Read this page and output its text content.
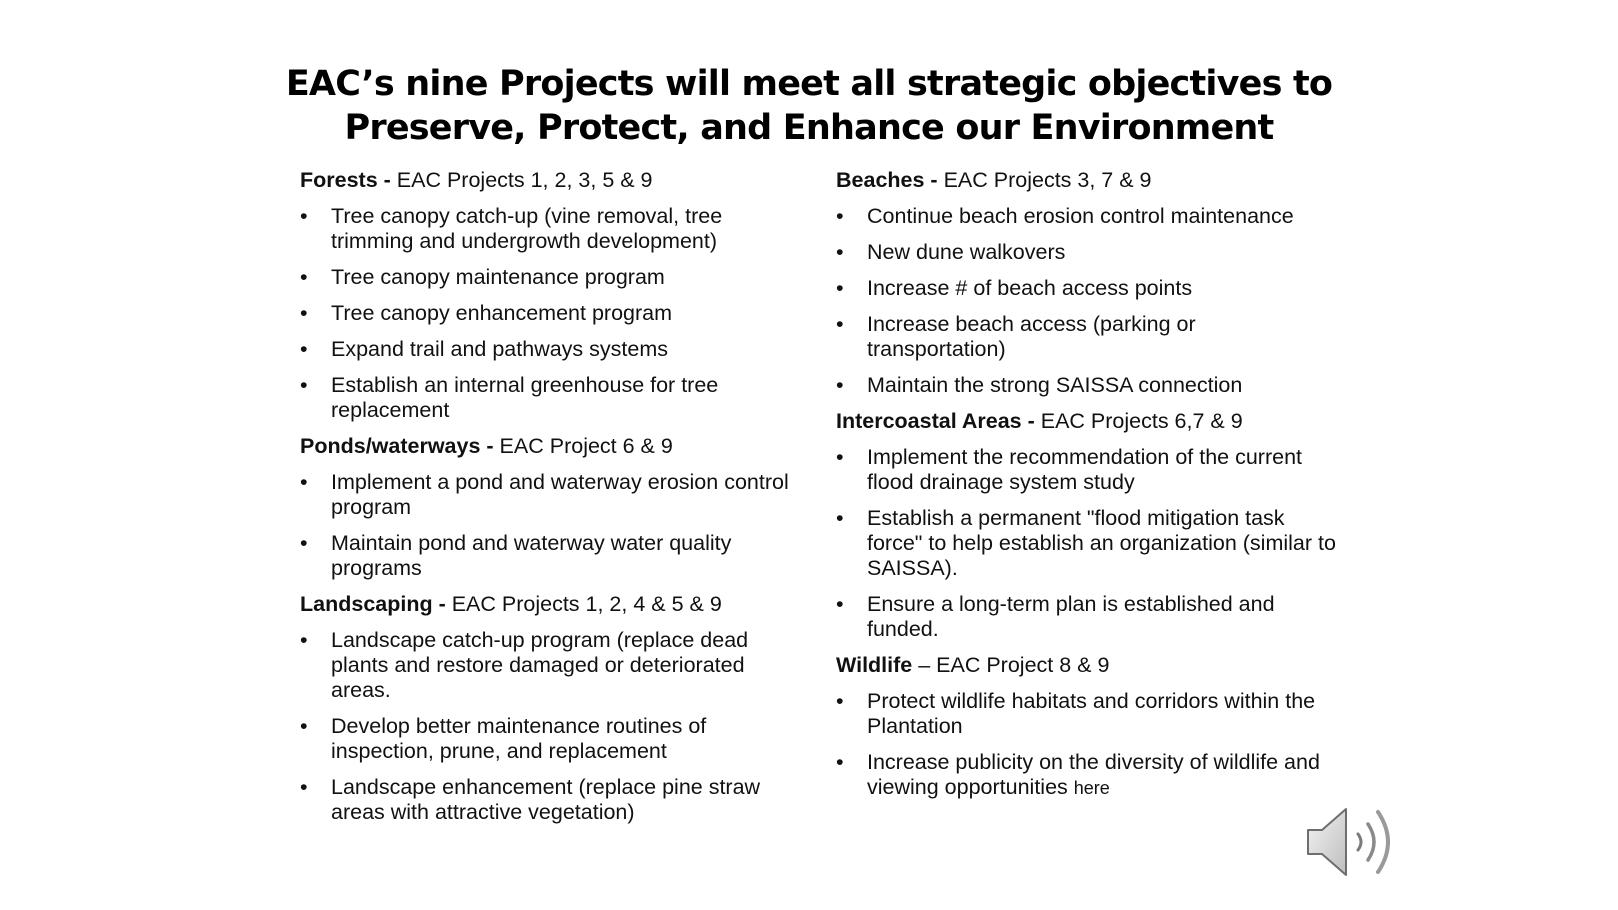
EAC’s nine Projects will meet all strategic objectives to
Preserve, Protect, and Enhance our Environment
Forests - EAC Projects 1, 2, 3, 5 & 9
•	Tree canopy catch-up (vine removal, tree trimming and undergrowth development)
•	Tree canopy maintenance program
•	Tree canopy enhancement program
•	Expand trail and pathways systems
•	Establish an internal greenhouse for tree replacement
Ponds/waterways - EAC Project 6 & 9
•	Implement a pond and waterway erosion control program
•	Maintain pond and waterway water quality programs
Landscaping - EAC Projects 1, 2, 4 & 5 & 9
•	Landscape catch-up program (replace dead plants and restore damaged or deteriorated areas.
•	Develop better maintenance routines of inspection, prune, and replacement
•	Landscape enhancement (replace pine straw areas with attractive vegetation)
Beaches - EAC Projects 3, 7 & 9
•	Continue beach erosion control maintenance
•	New dune walkovers
•	Increase # of beach access points
•	Increase beach access (parking or transportation)
•	Maintain the strong SAISSA connection
Intercoastal Areas - EAC Projects 6,7 & 9
•	Implement the recommendation of the current flood drainage system study
•	Establish a permanent "flood mitigation task force" to help establish an organization (similar to SAISSA).
•	Ensure a long-term plan is established and funded.
Wildlife – EAC Project 8 & 9
•	Protect wildlife habitats and corridors within the Plantation
•	Increase publicity on the diversity of wildlife and viewing opportunities here
